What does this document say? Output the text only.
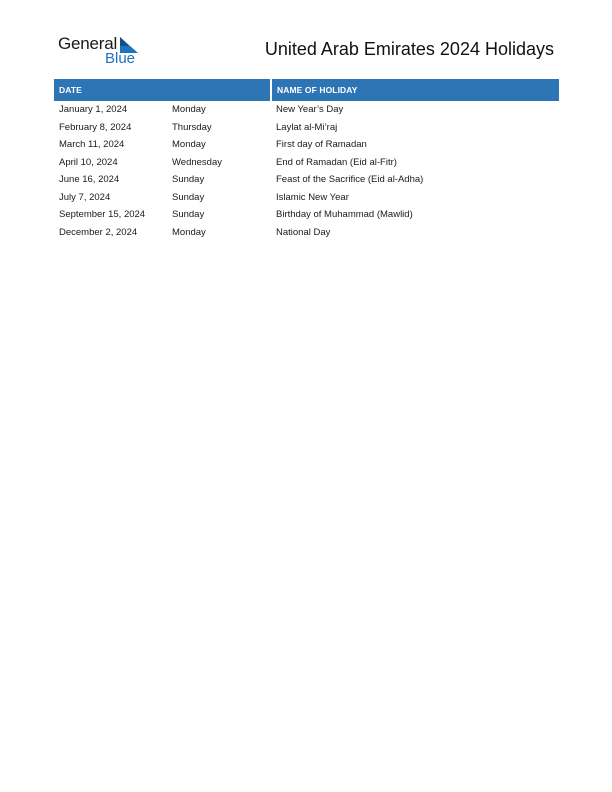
General
Blue	United Arab Emirates 2024 Holidays
DATE		NAME OF HOLIDAY
January 1, 2024	Monday	New Year’s Day
February 8, 2024	Thursday	Laylat al-Mi’raj
March 11, 2024	Monday	First day of Ramadan
April 10, 2024	Wednesday	End of Ramadan (Eid al-Fitr)
June 16, 2024	Sunday	Feast of the Sacrifice (Eid al-Adha)
July 7, 2024	Sunday	Islamic New Year
September 15, 2024	Sunday	Birthday of Muhammad (Mawlid)
December 2, 2024	Monday	National Day
